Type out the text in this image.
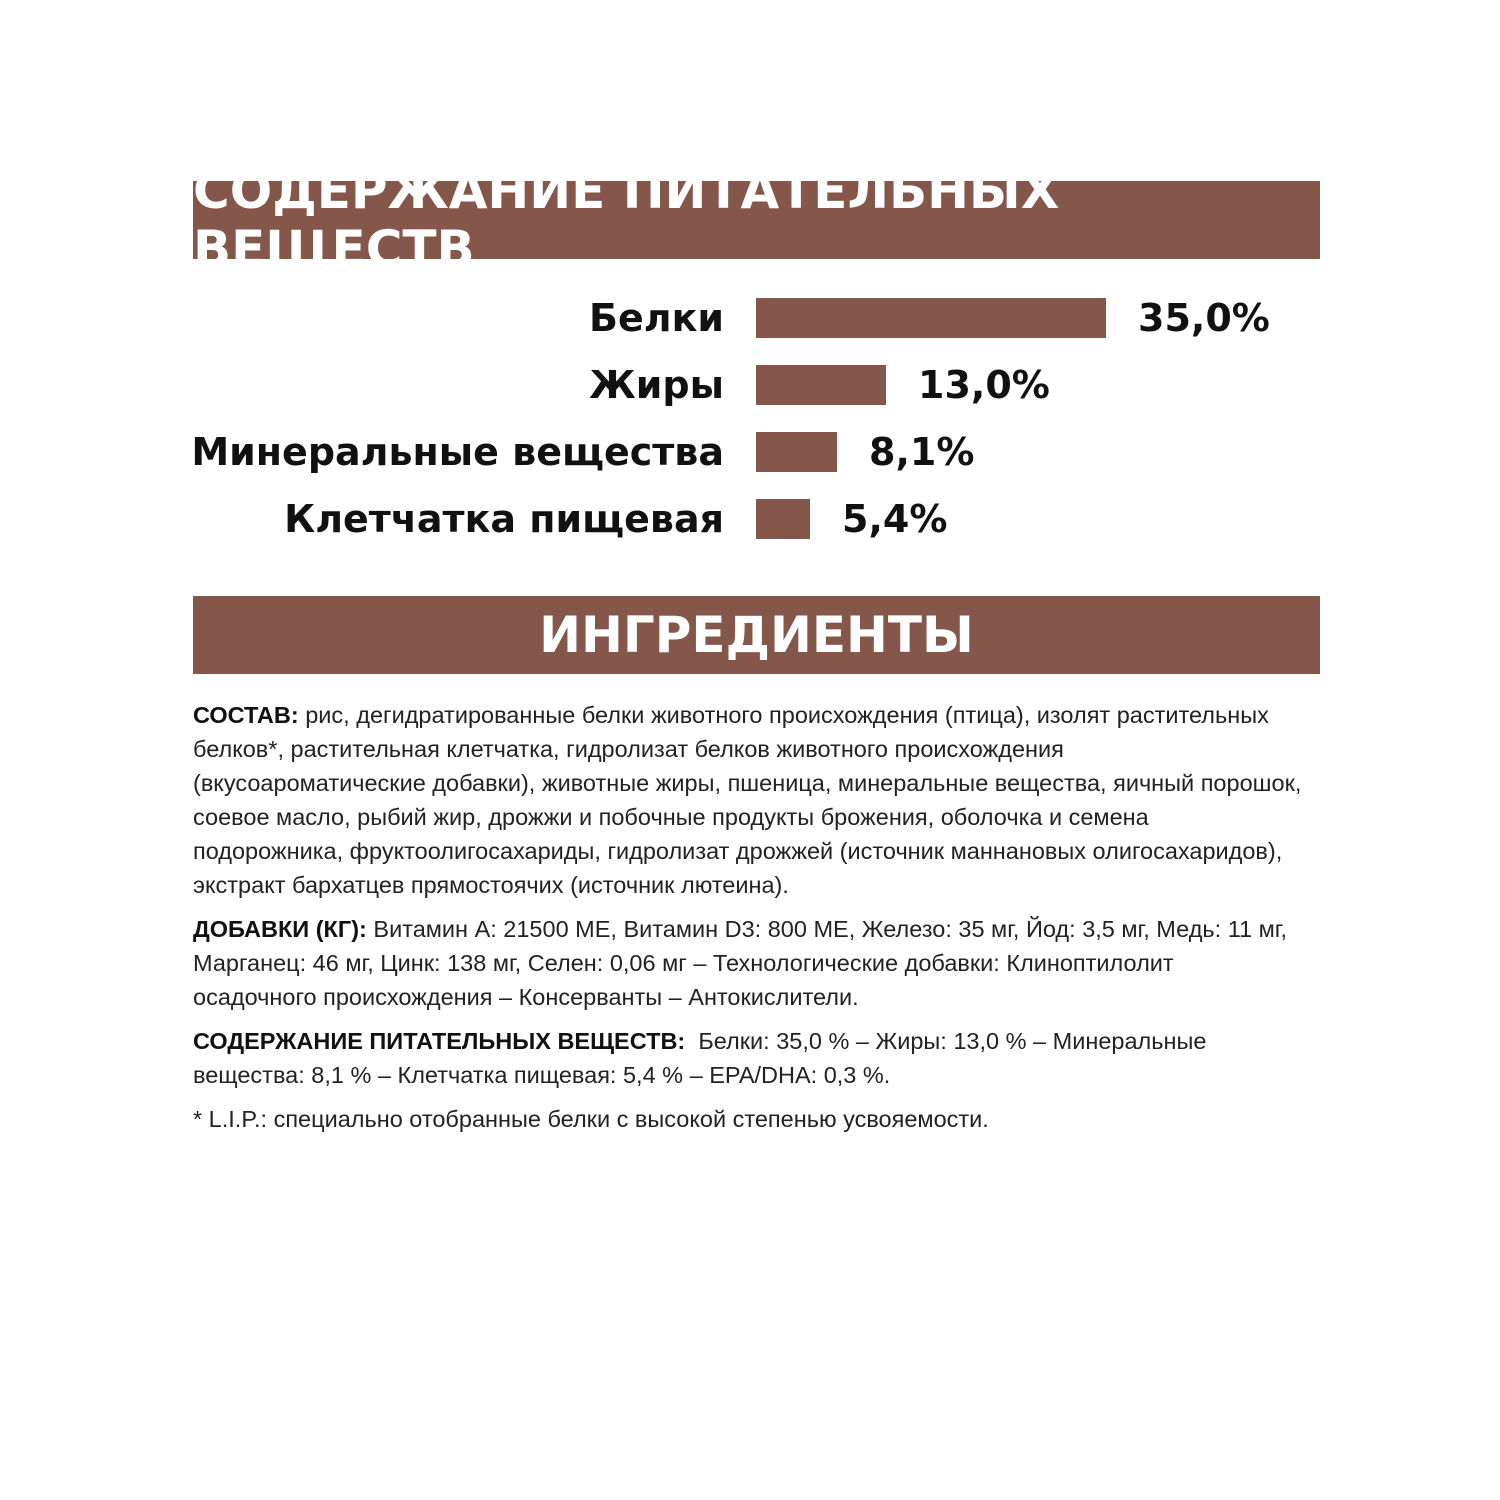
СОДЕРЖАНИЕ ПИТАТЕЛЬНЫХ ВЕЩЕСТВ
Белки	35,0%
Жиры	13,0%
Минеральные вещества	8,1%
Клетчатка пищевая	5,4%
ИНГРЕДИЕНТЫ

СОСТАВ: рис, дегидратированные белки животного происхождения (птица), изолят растительных белков*, растительная клетчатка, гидролизат белков животного происхождения (вкусоароматические добавки), животные жиры, пшеница, минеральные вещества, яичный порошок, соевое масло, рыбий жир, дрожжи и побочные продукты брожения, оболочка и семена подорожника, фруктоолигосахариды, гидролизат дрожжей (источник маннановых олигосахаридов), экстракт бархатцев прямостоячих (источник лютеина).

ДОБАВКИ (КГ): Витамин А: 21500 МЕ, Витамин D3: 800 МЕ, Железо: 35 мг, Йод: 3,5 мг, Медь: 11 мг, Марганец: 46 мг, Цинк: 138 мг, Селен: 0,06 мг – Технологические добавки: Клиноптилолит осадочного происхождения – Консерванты – Антокислители.

СОДЕРЖАНИЕ ПИТАТЕЛЬНЫХ ВЕЩЕСТВ:  Белки: 35,0 % – Жиры: 13,0 % – Минеральные вещества: 8,1 % – Клетчатка пищевая: 5,4 % – EPA/DHA: 0,3 %.

* L.I.P.: специально отобранные белки с высокой степенью усвояемости.
